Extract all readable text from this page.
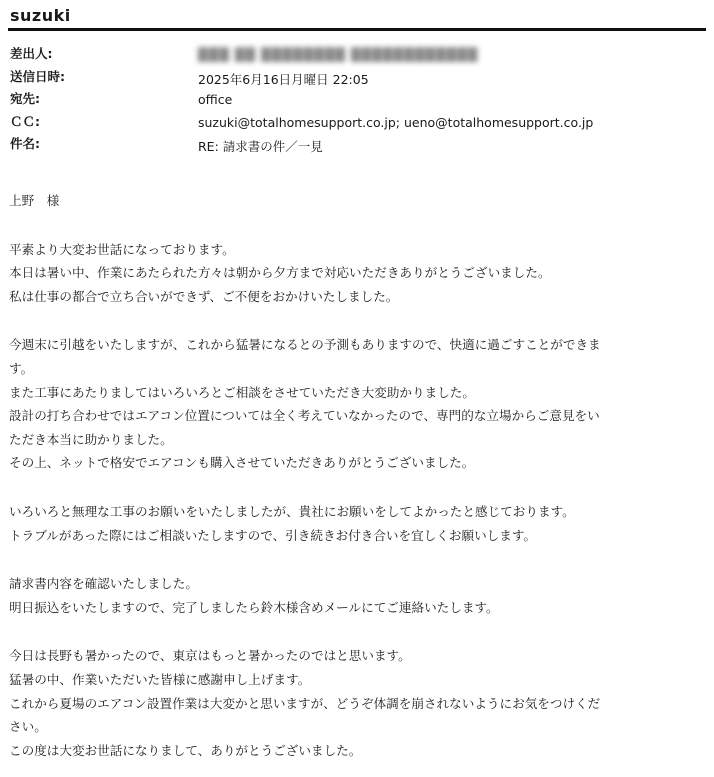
suzuki
差出人:	███ ██ ████████ ████████████
送信日時:	2025年6月16日月曜日 22:05
宛先:	office
ＣＣ:	suzuki@totalhomesupport.co.jp; ueno@totalhomesupport.co.jp
件名:	RE: 請求書の件／一見
上野　様
平素より大変お世話になっております。
本日は暑い中、作業にあたられた方々は朝から夕方まで対応いただきありがとうございました。
私は仕事の都合で立ち合いができず、ご不便をおかけいたしました。
今週末に引越をいたしますが、これから猛暑になるとの予測もありますので、快適に過ごすことができま
す。
また工事にあたりましてはいろいろとご相談をさせていただき大変助かりました。
設計の打ち合わせではエアコン位置については全く考えていなかったので、専門的な立場からご意見をい
ただき本当に助かりました。
その上、ネットで格安でエアコンも購入させていただきありがとうございました。
いろいろと無理な工事のお願いをいたしましたが、貴社にお願いをしてよかったと感じております。
トラブルがあった際にはご相談いたしますので、引き続きお付き合いを宜しくお願いします。
請求書内容を確認いたしました。
明日振込をいたしますので、完了しましたら鈴木様含めメールにてご連絡いたします。
今日は長野も暑かったので、東京はもっと暑かったのではと思います。
猛暑の中、作業いただいた皆様に感謝申し上げます。
これから夏場のエアコン設置作業は大変かと思いますが、どうぞ体調を崩されないようにお気をつけくだ
さい。
この度は大変お世話になりまして、ありがとうございました。
